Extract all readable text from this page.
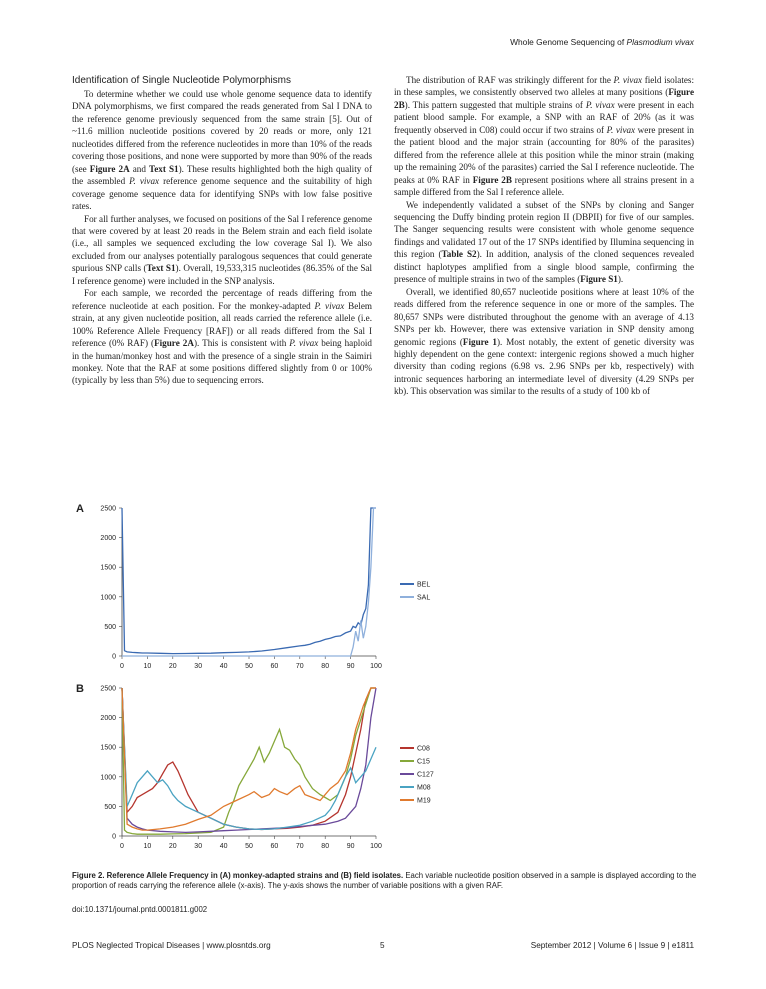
Whole Genome Sequencing of Plasmodium vivax
Identification of Single Nucleotide Polymorphisms

To determine whether we could use whole genome sequence data to identify DNA polymorphisms, we first compared the reads generated from Sal I DNA to the reference genome previously sequenced from the same strain [5]. Out of ~11.6 million nucleotide positions covered by 20 reads or more, only 121 nucleotides differed from the reference nucleotides in more than 10% of the reads covering those positions, and none were supported by more than 90% of the reads (see Figure 2A and Text S1). These results highlighted both the high quality of the assembled P. vivax reference genome sequence and the suitability of high coverage genome sequence data for identifying SNPs with low false positive rates.

For all further analyses, we focused on positions of the Sal I reference genome that were covered by at least 20 reads in the Belem strain and each field isolate (i.e., all samples we sequenced excluding the low coverage Sal I). We also excluded from our analyses potentially paralogous sequences that could generate spurious SNP calls (Text S1). Overall, 19,533,315 nucleotides (86.35% of the Sal I reference genome) were included in the SNP analysis.

For each sample, we recorded the percentage of reads differing from the reference nucleotide at each position. For the monkey-adapted P. vivax Belem strain, at any given nucleotide position, all reads carried the reference allele (i.e. 100% Reference Allele Frequency [RAF]) or all reads differed from the Sal I reference (0% RAF) (Figure 2A). This is consistent with P. vivax being haploid in the human/monkey host and with the presence of a single strain in the Saimiri monkey. Note that the RAF at some positions differed slightly from 0 or 100% (typically by less than 5%) due to sequencing errors.

The distribution of RAF was strikingly different for the P. vivax field isolates: in these samples, we consistently observed two alleles at many positions (Figure 2B). This pattern suggested that multiple strains of P. vivax were present in each patient blood sample. For example, a SNP with an RAF of 20% (as it was frequently observed in C08) could occur if two strains of P. vivax were present in the patient blood and the major strain (accounting for 80% of the parasites) differed from the reference allele at this position while the minor strain (making up the remaining 20% of the parasites) carried the Sal I reference nucleotide. The peaks at 0% RAF in Figure 2B represent positions where all strains present in a sample differed from the Sal I reference allele.

We independently validated a subset of the SNPs by cloning and Sanger sequencing the Duffy binding protein region II (DBPII) for five of our samples. The Sanger sequencing results were consistent with whole genome sequence findings and validated 17 out of the 17 SNPs identified by Illumina sequencing in this region (Table S2). In addition, analysis of the cloned sequences revealed distinct haplotypes amplified from a single blood sample, confirming the presence of multiple strains in two of the samples (Figure S1).

Overall, we identified 80,657 nucleotide positions where at least 10% of the reads differed from the reference sequence in one or more of the samples. The 80,657 SNPs were distributed throughout the genome with an average of 4.13 SNPs per kb. However, there was extensive variation in SNP density among genomic regions (Figure 1). Most notably, the extent of genetic diversity was highly dependent on the gene context: intergenic regions showed a much higher diversity than coding regions (6.98 vs. 2.96 SNPs per kb, respectively) with intronic sequences harboring an intermediate level of diversity (4.29 SNPs per kb). This observation was similar to the results of a study of 100 kb of

A
0
500
1000
1500
2000
2500
0	10	20	30	40	50	60	70	80	90 100
BEL
SAL
B
0
500
1000
1500
2000
2500
0	10	20	30	40	50	60	70	80	90 100
C08
C15
C127
M08
M19
Figure 2. Reference Allele Frequency in (A) monkey-adapted strains and (B) field isolates. Each variable nucleotide position observed in a sample is displayed according to the proportion of reads carrying the reference allele (x-axis). The y-axis shows the number of variable positions with a given RAF.
doi:10.1371/journal.pntd.0001811.g002
PLOS Neglected Tropical Diseases | www.plosntds.org	5	September 2012 | Volume 6 | Issue 9 | e1811
